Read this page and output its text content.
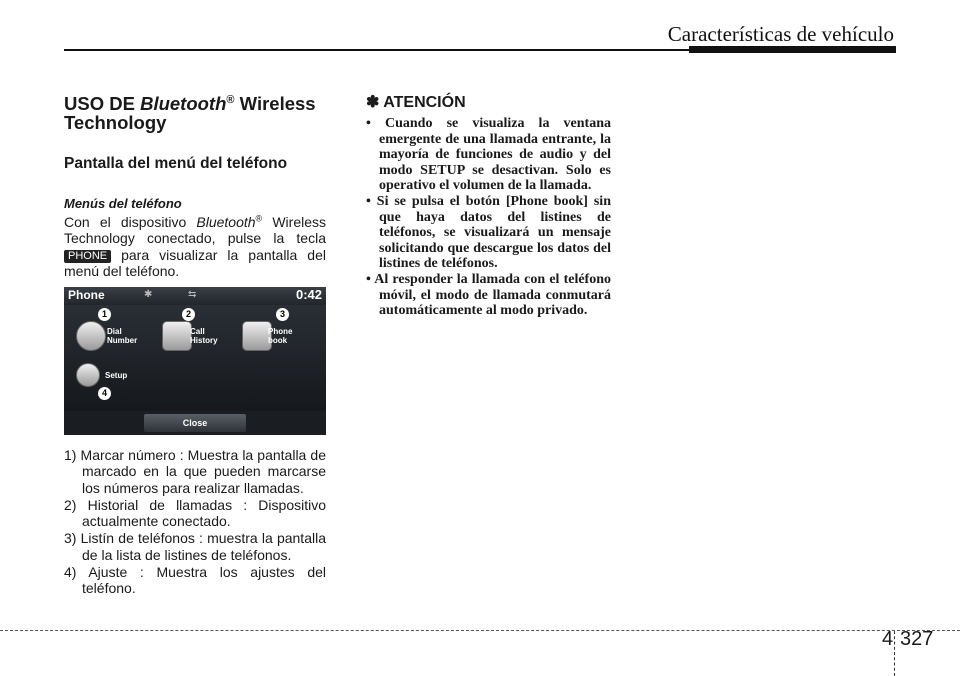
Características de vehículo

USO DE Bluetooth® Wireless Technology

Pantalla del menú del teléfono

Menús del teléfono

Con el dispositivo Bluetooth® Wireless Technology conectado, pulse la tecla PHONE para visualizar la pantalla del menú del teléfono.
Phone	✱	⇆	0:42
1	2	3
4
Dial
Number
Call
History
Phone
book
Setup
Close
1) Marcar número : Muestra la pantalla de marcado en la que pueden marcarse los números para realizar llamadas.
2) Historial de llamadas : Dispositivo actualmente conectado.
3) Listín de teléfonos : muestra la pantalla de la lista de listines de teléfonos.
4) Ajuste : Muestra los ajustes del teléfono.

✽ ATENCIÓN

• Cuando se visualiza la ventana emergente de una llamada entrante, la mayoría de funciones de audio y del modo SETUP se desactivan. Solo es operativo el volumen de la llamada.
• Si se pulsa el botón [Phone book] sin que haya datos del listines de teléfonos, se visualizará un mensaje solicitando que descargue los datos del listines de teléfonos.
• Al responder la llamada con el teléfono móvil, el modo de llamada conmutará automáticamente al modo privado.
4 327
